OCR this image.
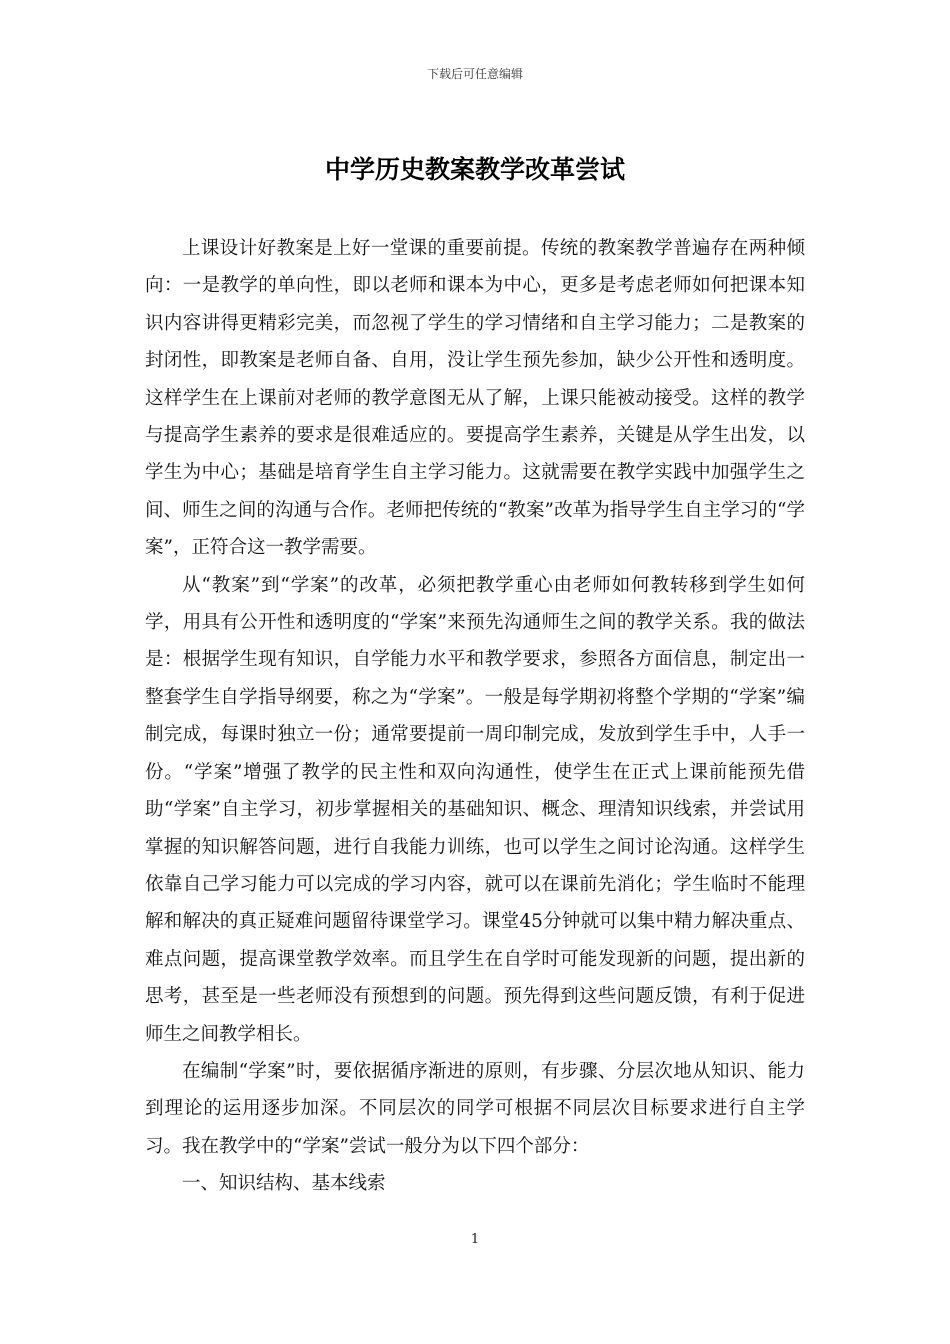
下载后可任意编辑
中学历史教案教学改革尝试

上课设计好教案是上好一堂课的重要前提。传统的教案教学普遍存在两种倾向：一是教学的单向性，即以老师和课本为中心，更多是考虑老师如何把课本知识内容讲得更精彩完美，而忽视了学生的学习情绪和自主学习能力；二是教案的封闭性，即教案是老师自备、自用，没让学生预先参加，缺少公开性和透明度。这样学生在上课前对老师的教学意图无从了解，上课只能被动接受。这样的教学与提高学生素养的要求是很难适应的。要提高学生素养，关键是从学生出发，以学生为中心；基础是培育学生自主学习能力。这就需要在教学实践中加强学生之间、师生之间的沟通与合作。老师把传统的“教案”改革为指导学生自主学习的“学案”，正符合这一教学需要。

从“教案”到“学案”的改革，必须把教学重心由老师如何教转移到学生如何学，用具有公开性和透明度的“学案”来预先沟通师生之间的教学关系。我的做法是：根据学生现有知识，自学能力水平和教学要求，参照各方面信息，制定出一整套学生自学指导纲要，称之为“学案”。一般是每学期初将整个学期的“学案”编制完成，每课时独立一份；通常要提前一周印制完成，发放到学生手中，人手一份。“学案”增强了教学的民主性和双向沟通性，使学生在正式上课前能预先借助“学案”自主学习，初步掌握相关的基础知识、概念、理清知识线索，并尝试用掌握的知识解答问题，进行自我能力训练，也可以学生之间讨论沟通。这样学生依靠自己学习能力可以完成的学习内容，就可以在课前先消化；学生临时不能理解和解决的真正疑难问题留待课堂学习。课堂45分钟就可以集中精力解决重点、难点问题，提高课堂教学效率。而且学生在自学时可能发现新的问题，提出新的思考，甚至是一些老师没有预想到的问题。预先得到这些问题反馈，有利于促进师生之间教学相长。

在编制“学案”时，要依据循序渐进的原则，有步骤、分层次地从知识、能力到理论的运用逐步加深。不同层次的同学可根据不同层次目标要求进行自主学习。我在教学中的“学案”尝试一般分为以下四个部分：

一、知识结构、基本线索

1
